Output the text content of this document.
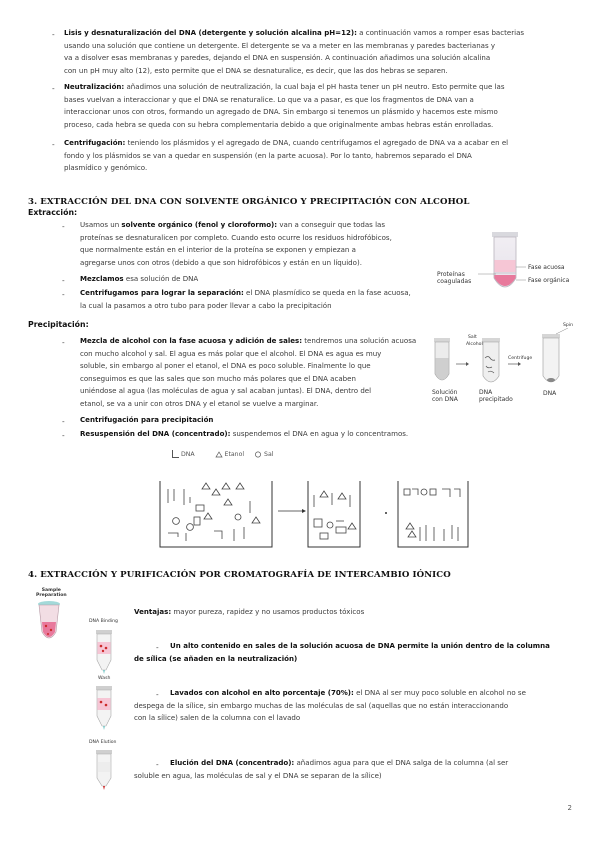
- Lisis y desnaturalización del DNA (detergente y solución alcalina pH=12): a continuación vamos a romper esas bacterias
usando una solución que contiene un detergente. El detergente se va a meter en las membranas y paredes bacterianas y
va a disolver esas membranas y paredes, dejando el DNA en suspensión. A continuación añadimos una solución alcalina
con un pH muy alto (12), esto permite que el DNA se desnaturalice, es decir, que las dos hebras se separen.
- Neutralización: añadimos una solución de neutralización, la cual baja el pH hasta tener un pH neutro. Esto permite que las
bases vuelvan a interaccionar y que el DNA se renaturalice. Lo que va a pasar, es que los fragmentos de DNA van a
interaccionar unos con otros, formando un agregado de DNA. Sin embargo si tenemos un plásmido y hacemos este mismo
proceso, cada hebra se queda con su hebra complementaria debido a que originalmente ambas hebras están enrolladas.
- Centrifugación: teniendo los plásmidos y el agregado de DNA, cuando centrifugamos el agregado de DNA va a acabar en el
fondo y los plásmidos se van a quedar en suspensión (en la parte acuosa). Por lo tanto, habremos separado el DNA
plasmídico y genómico.
3. EXTRACCIÓN DEL DNA CON SOLVENTE ORGÁNICO Y PRECIPITACIÓN CON ALCOHOL
Extracción:
- Usamos un solvente orgánico (fenol y cloroformo): van a conseguir que todas las
proteínas se desnaturalicen por completo. Cuando esto ocurre los residuos hidrofóbicos,
que normalmente están en el interior de la proteína se exponen y empiezan a
agregarse unos con otros (debido a que son hidrofóbicos y están en un líquido).
- Mezclamos esa solución de DNA
- Centrifugamos para lograr la separación: el DNA plasmídico se queda en la fase acuosa,
la cual la pasamos a otro tubo para poder llevar a cabo la precipitación
Proteínas
coaguladas
Fase acuosa
Fase orgánica
Precipitación:
- Mezcla de alcohol con la fase acuosa y adición de sales: tendremos una solución acuosa
con mucho alcohol y sal. El agua es más polar que el alcohol. El DNA es agua es muy
soluble, sin embargo al poner el etanol, el DNA es poco soluble. Finalmente lo que
conseguimos es que las sales que son mucho más polares que el DNA acaben
uniéndose al agua (las moléculas de agua y sal acaban juntas). El DNA, dentro del
etanol, se va a unir con otros DNA y el etanol se vuelve a marginar.
- Centrifugación para precipitación
- Resuspensión del DNA (concentrado): suspendemos el DNA en agua y lo concentramos.
Salt
Alcohol
Centrifuge
Spin
Solución
con DNA
DNA
precipitado
DNA
DNA	Etanol	Sal
4. EXTRACCIÓN Y PURIFICACIÓN POR CROMATOGRAFÍA DE INTERCAMBIO IÓNICO
Sample
Preparation
DNA Binding
Wash
DNA Elution
Ventajas: mayor pureza, rapidez y no usamos productos tóxicos
-	Un alto contenido en sales de la solución acuosa de DNA permite la unión dentro de la columna
de sílica (se añaden en la neutralización)
-	Lavados con alcohol en alto porcentaje (70%): el DNA al ser muy poco soluble en alcohol no se
despega de la sílice, sin embargo muchas de las moléculas de sal (aquellas que no están interaccionando
con la sílice) salen de la columna con el lavado
-	Elución del DNA (concentrado): añadimos agua para que el DNA salga de la columna (al ser
soluble en agua, las moléculas de sal y el DNA se separan de la sílice)
2
